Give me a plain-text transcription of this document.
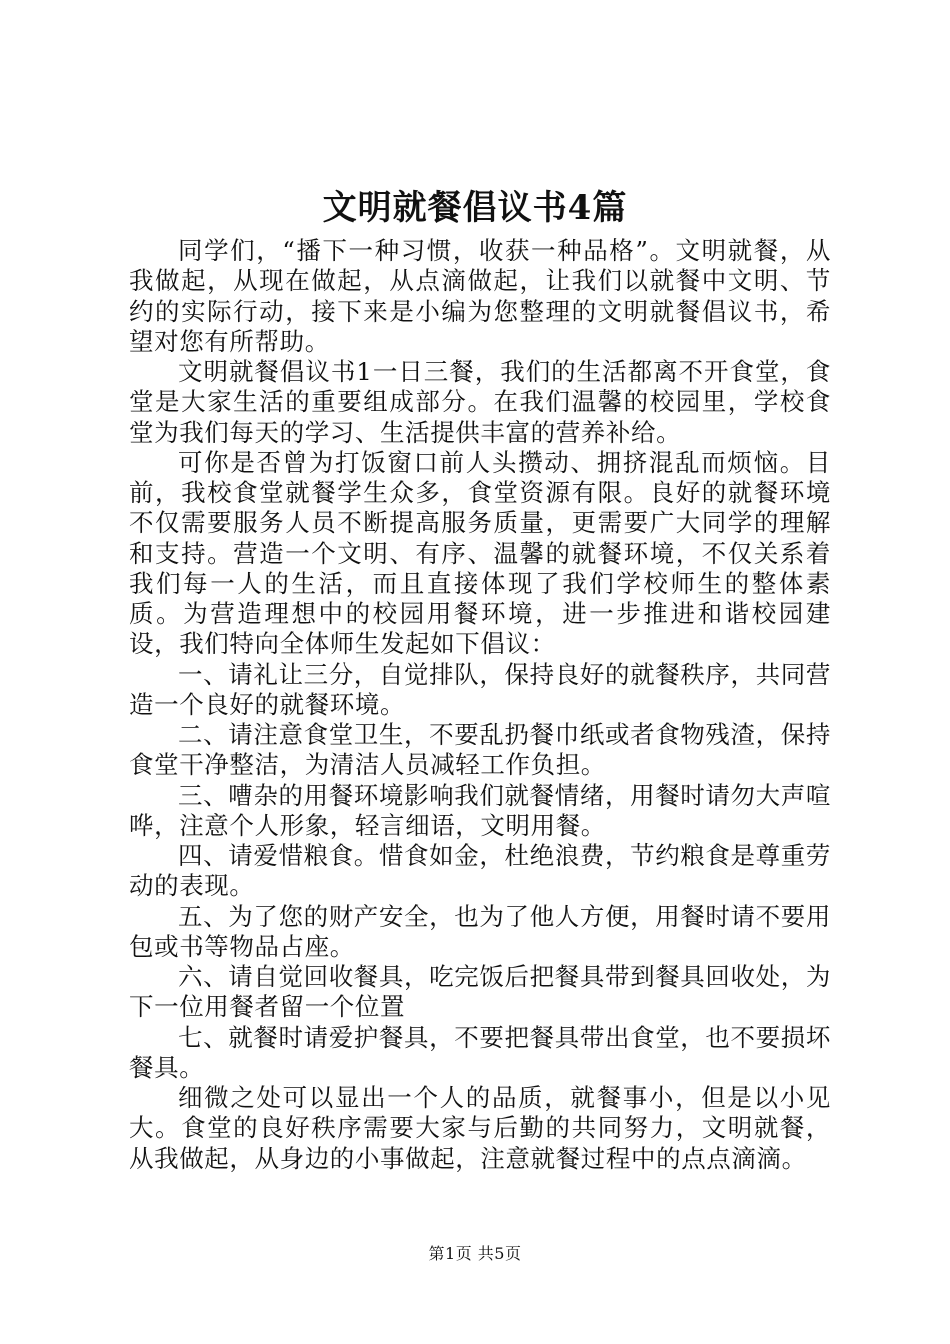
文明就餐倡议书4篇

同学们，“播下一种习惯，收获一种品格”。文明就餐，从我做起，从现在做起，从点滴做起，让我们以就餐中文明、节约的实际行动，接下来是小编为您整理的文明就餐倡议书，希望对您有所帮助。

文明就餐倡议书1一日三餐，我们的生活都离不开食堂，食堂是大家生活的重要组成部分。在我们温馨的校园里，学校食堂为我们每天的学习、生活提供丰富的营养补给。

可你是否曾为打饭窗口前人头攒动、拥挤混乱而烦恼。目前，我校食堂就餐学生众多，食堂资源有限。良好的就餐环境不仅需要服务人员不断提高服务质量，更需要广大同学的理解和支持。营造一个文明、有序、温馨的就餐环境，不仅关系着我们每一人的生活，而且直接体现了我们学校师生的整体素质。为营造理想中的校园用餐环境，进一步推进和谐校园建设，我们特向全体师生发起如下倡议：

一、请礼让三分，自觉排队，保持良好的就餐秩序，共同营造一个良好的就餐环境。

二、请注意食堂卫生，不要乱扔餐巾纸或者食物残渣，保持食堂干净整洁，为清洁人员减轻工作负担。

三、嘈杂的用餐环境影响我们就餐情绪，用餐时请勿大声喧哗，注意个人形象，轻言细语，文明用餐。

四、请爱惜粮食。惜食如金，杜绝浪费，节约粮食是尊重劳动的表现。

五、为了您的财产安全，也为了他人方便，用餐时请不要用包或书等物品占座。

六、请自觉回收餐具，吃完饭后把餐具带到餐具回收处，为下一位用餐者留一个位置

七、就餐时请爱护餐具，不要把餐具带出食堂，也不要损坏餐具。

细微之处可以显出一个人的品质，就餐事小，但是以小见大。食堂的良好秩序需要大家与后勤的共同努力，文明就餐，从我做起，从身边的小事做起，注意就餐过程中的点点滴滴。

第1页 共5页
